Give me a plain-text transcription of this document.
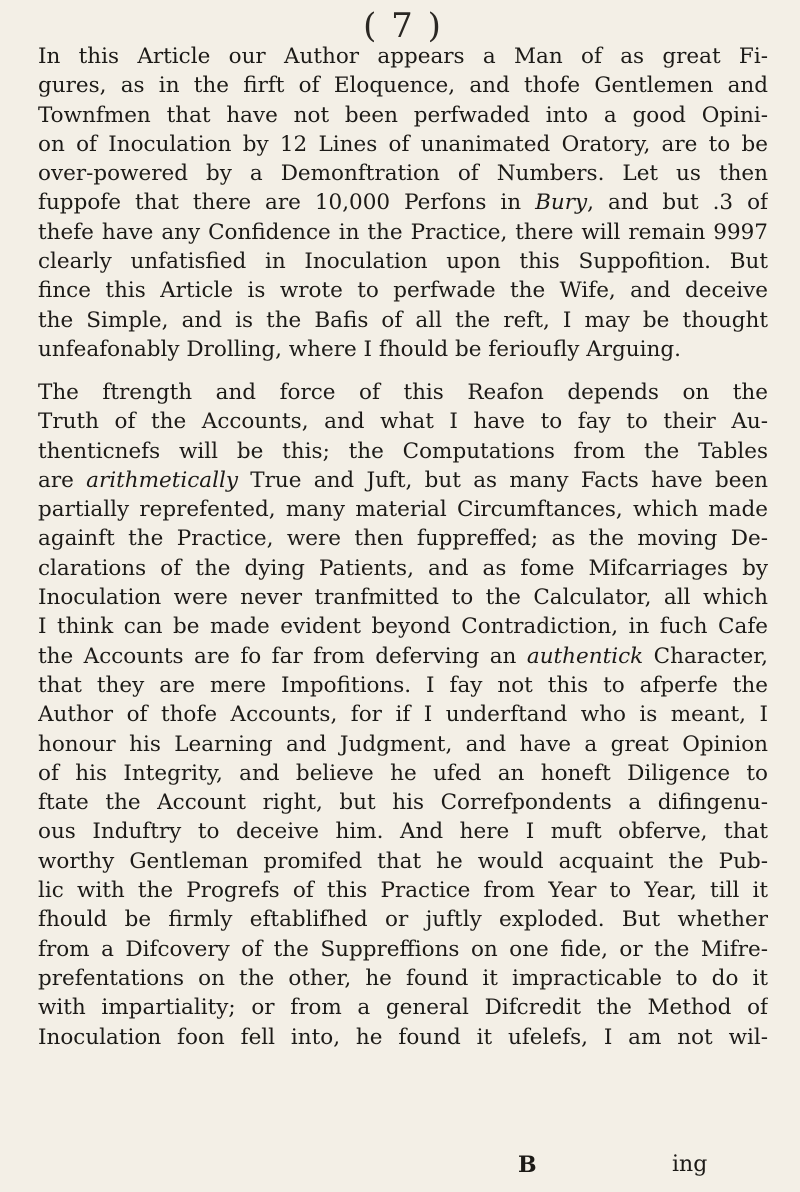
( 7 )
In this Article our Author appears a Man of as great Fi-
gures, as in the firft of Eloquence, and thofe Gentlemen and
Townfmen that have not been perfwaded into a good Opini-
on of Inoculation by 12 Lines of unanimated Oratory, are to be
over-powered by a Demonftration of Numbers. Let us then
fuppofe that there are 10,000 Perfons in Bury, and but .3 of
thefe have any Confidence in the Practice, there will remain 9997
clearly unfatisfied in Inoculation upon this Suppofition. But
fince this Article is wrote to perfwade the Wife, and deceive
the Simple, and is the Bafis of all the reft, I may be thought
unfeafonably Drolling, where I fhould be ferioufly Arguing.
The ftrength and force of this Reafon depends on the
Truth of the Accounts, and what I have to fay to their Au-
thenticnefs will be this; the Computations from the Tables
are arithmetically True and Juft, but as many Facts have been
partially reprefented, many material Circumftances, which made
againft the Practice, were then fuppreffed; as the moving De-
clarations of the dying Patients, and as fome Mifcarriages by
Inoculation were never tranfmitted to the Calculator, all which
I think can be made evident beyond Contradiction, in fuch Cafe
the Accounts are fo far from deferving an authentick Character,
that they are mere Impofitions. I fay not this to afperfe the
Author of thofe Accounts, for if I underftand who is meant, I
honour his Learning and Judgment, and have a great Opinion
of his Integrity, and believe he ufed an honeft Diligence to
ftate the Account right, but his Correfpondents a difingenu-
ous Induftry to deceive him. And here I muft obferve, that
worthy Gentleman promifed that he would acquaint the Pub-
lic with the Progrefs of this Practice from Year to Year, till it
fhould be firmly eftablifhed or juftly exploded. But whether
from a Difcovery of the Suppreffions on one fide, or the Mifre-
prefentations on the other, he found it impracticable to do it
with impartiality; or from a general Difcredit the Method of
Inoculation foon fell into, he found it ufelefs, I am not wil-
B	ing
